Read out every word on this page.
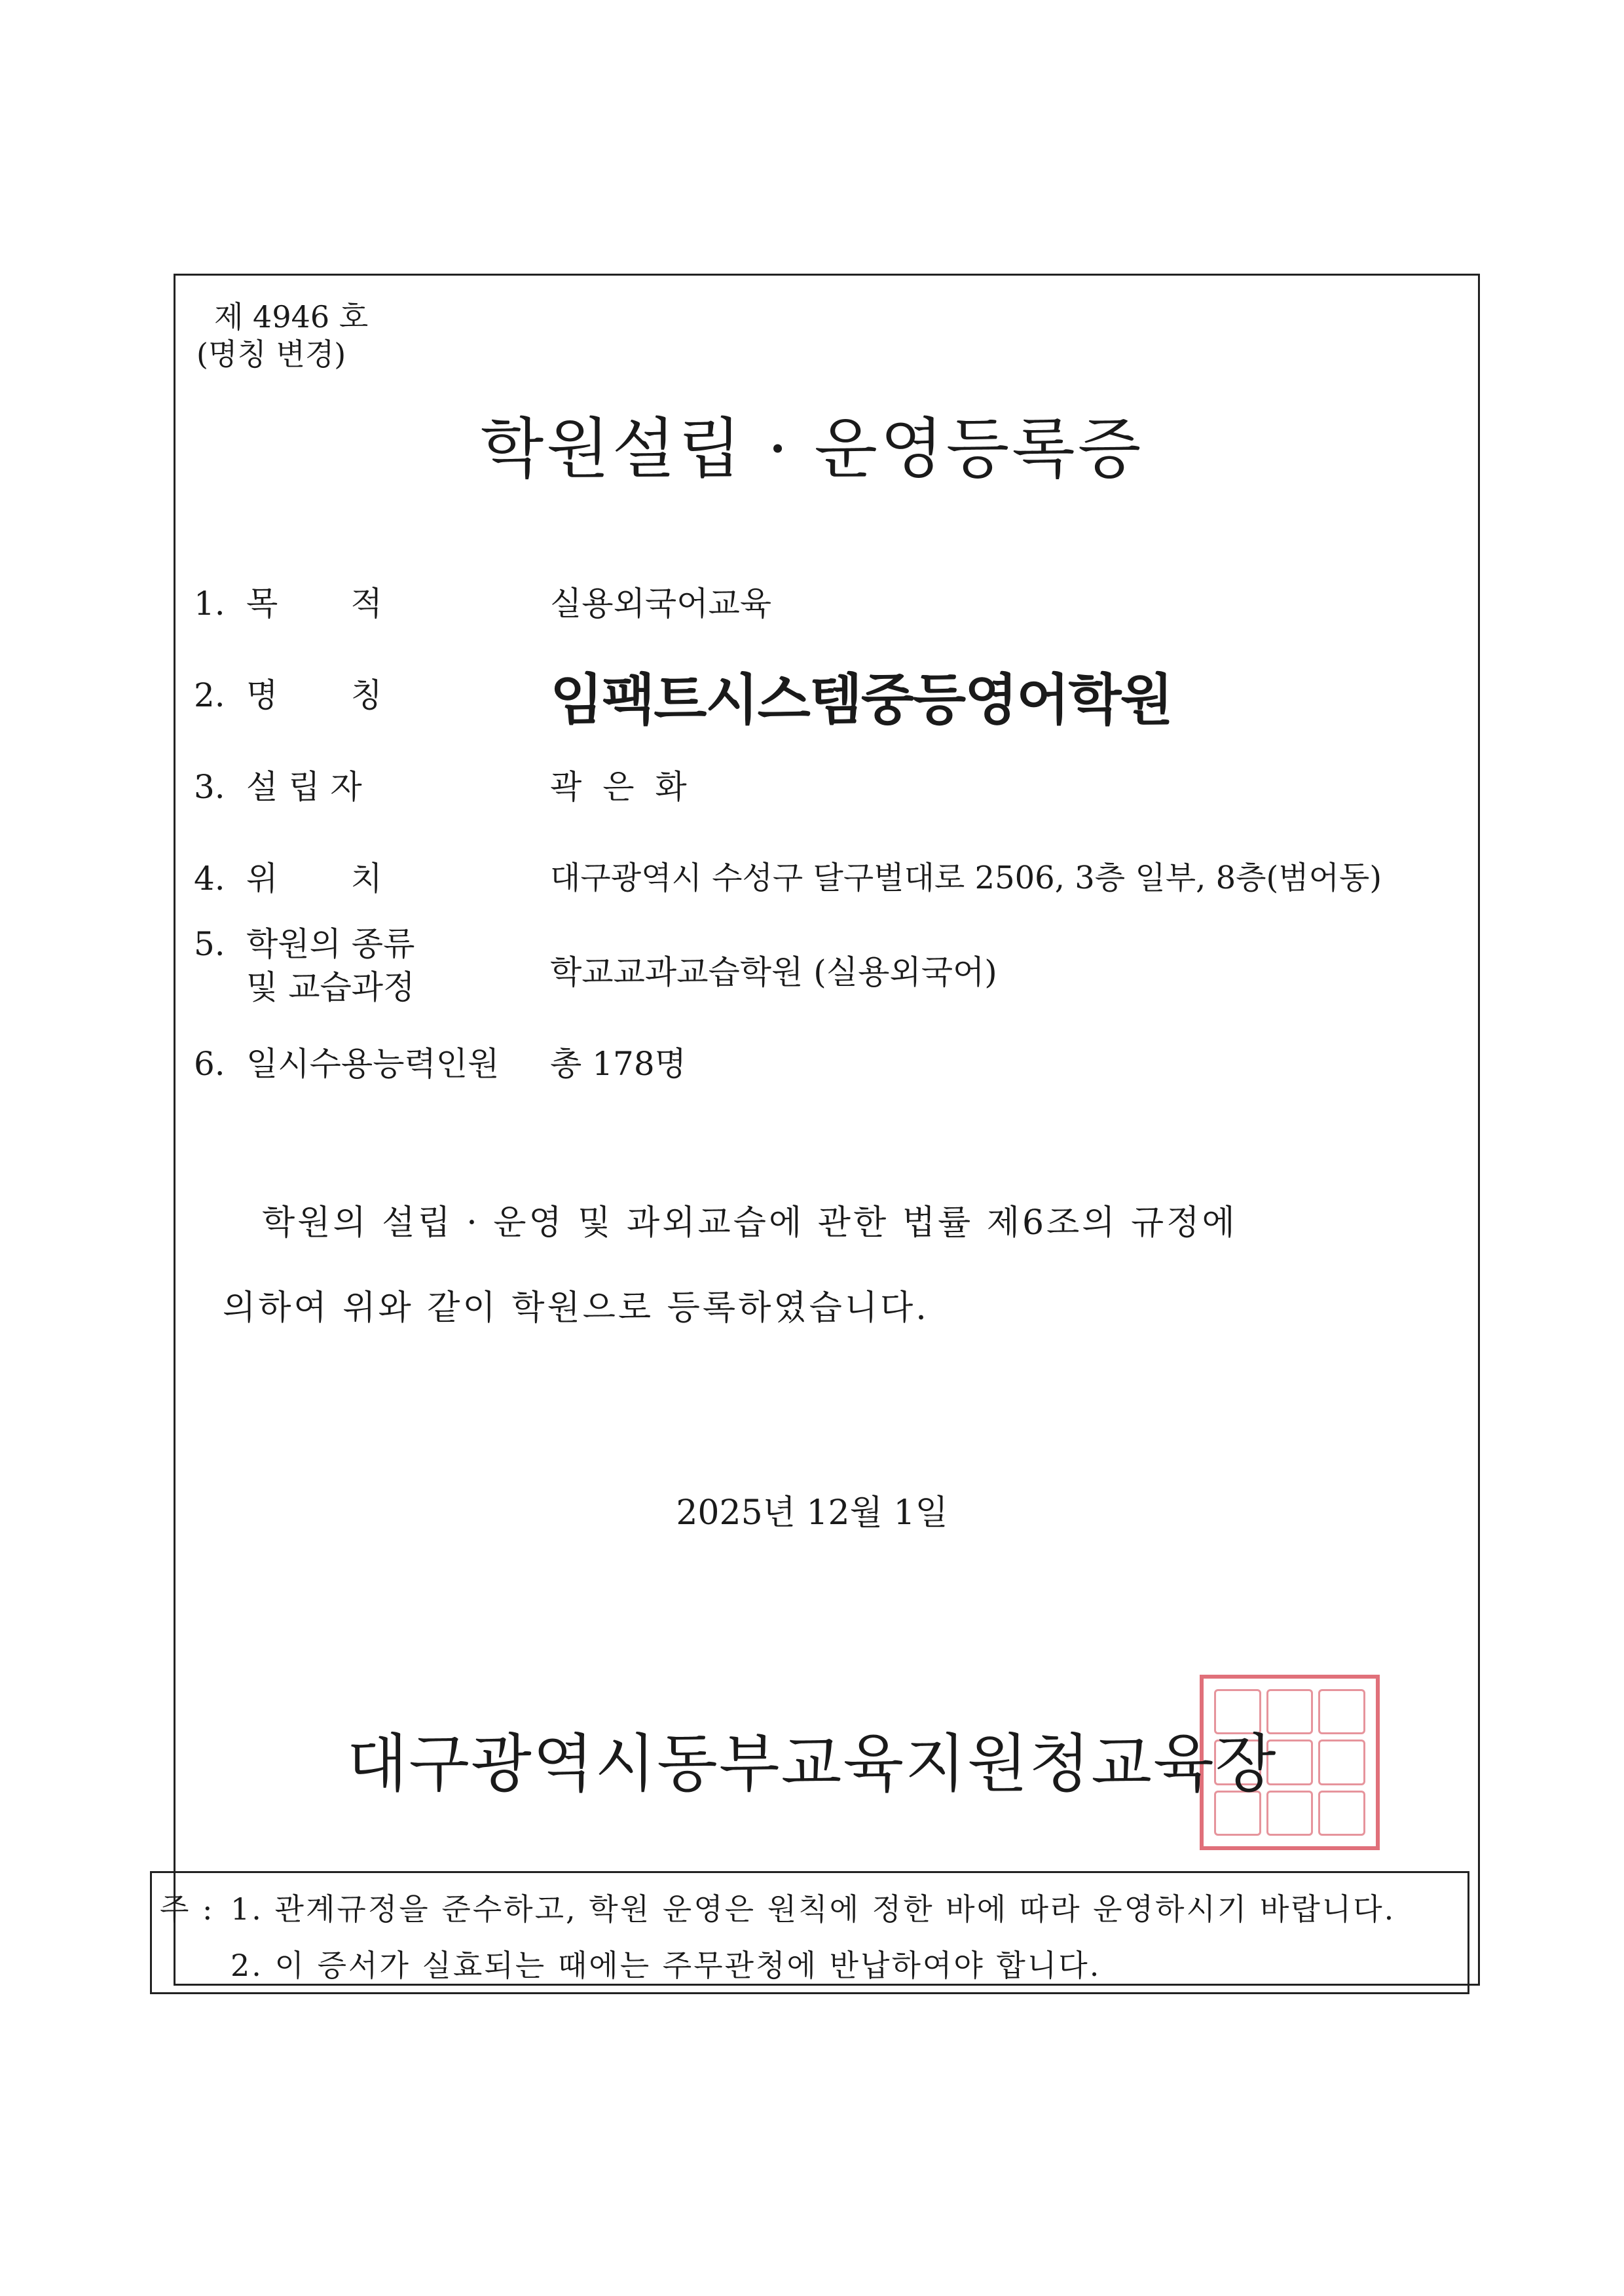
제 4946 호
(명칭 변경)
학원설립 · 운영등록증
1. 목       적	실용외국어교육
2. 명       칭	임팩트시스템중등영어학원
3. 설 립 자	곽 은 화
4. 위       치	대구광역시 수성구 달구벌대로 2506, 3층 일부, 8층(범어동)
5. 학원의 종류
및 교습과정	학교교과교습학원 (실용외국어)
6. 일시수용능력인원 총 178명
학원의 설립 · 운영 및 과외교습에 관한 법률 제6조의 규정에
의하여 위와 같이 학원으로 등록하였습니다.
2025년 12월 1일
대구광역시동부교육지원청교육장
주 : 1. 관계규정을 준수하고, 학원 운영은 원칙에 정한 바에 따라 운영하시기 바랍니다.
2. 이 증서가 실효되는 때에는 주무관청에 반납하여야 합니다.
